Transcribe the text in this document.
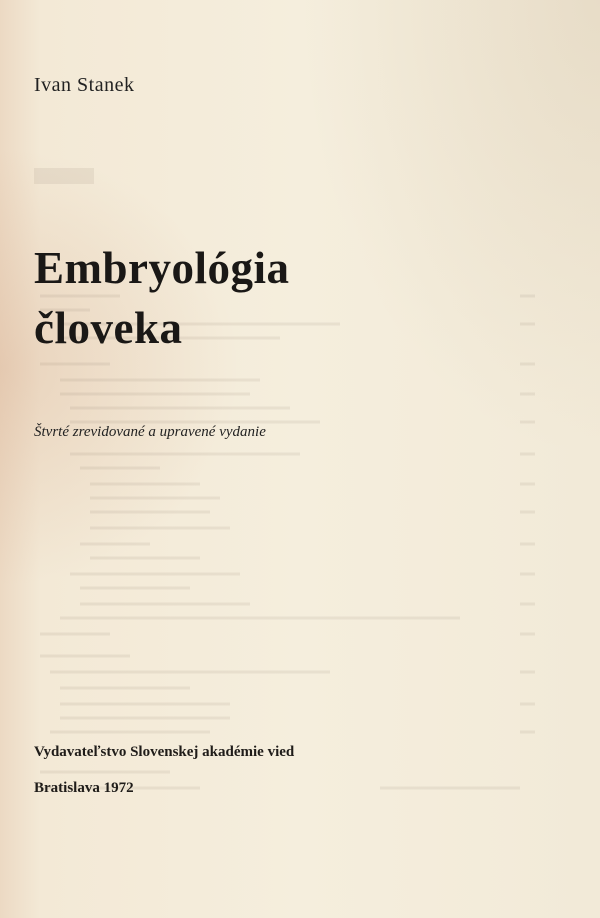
Ivan Stanek
Embryológia
človeka
Štvrté zrevidované a upravené vydanie
Vydavateľstvo Slovenskej akadémie vied
Bratislava 1972
